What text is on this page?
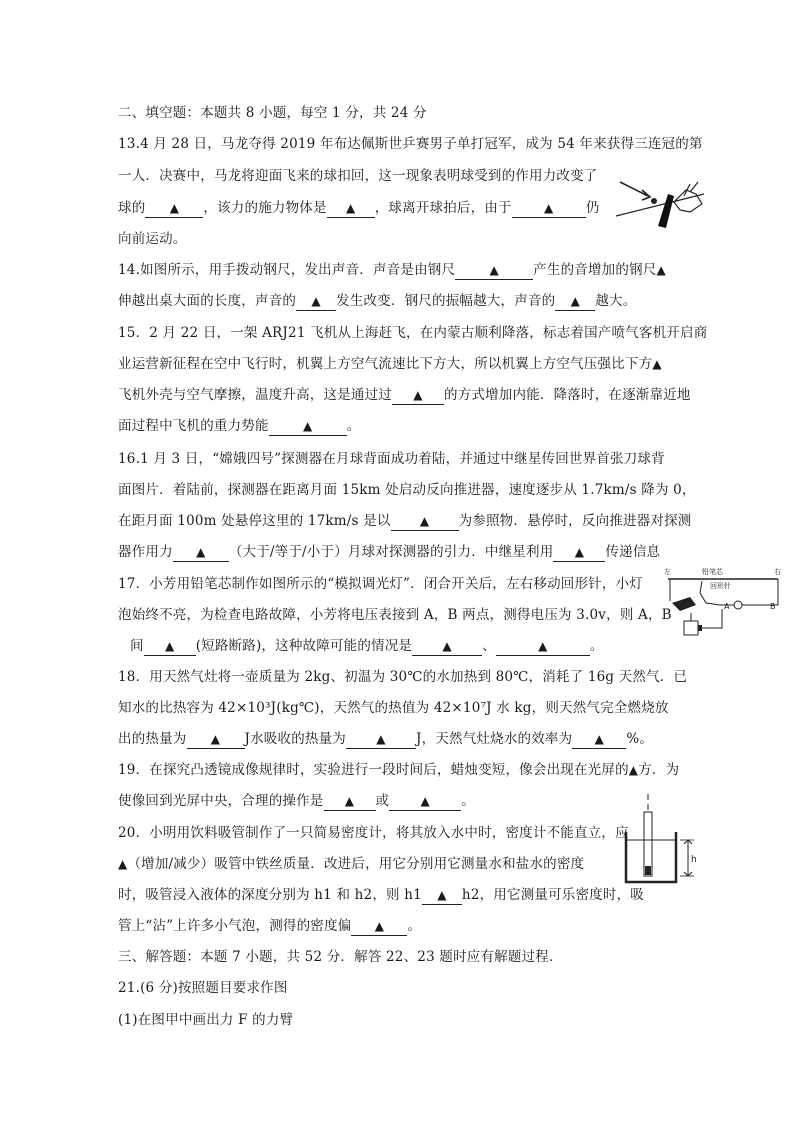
二、填空题：本题共 8 小题，每空 1 分，共 24 分
13.4 月 28 日，马龙夺得 2019 年布达佩斯世乒赛男子单打冠军，成为 54 年来获得三连冠的第
一人．决赛中，马龙将迎面飞来的球扣回，这一现象表明球受到的作用力改变了
球的 ▲ ，该力的施力物体是 ▲ ，球离开球拍后，由于	▲ 仍
向前运动。
14.如图所示，用手拨动钢尺，发出声音．声音是由钢尺	▲	产生的音增加的钢尺▲
伸越出桌大面的长度，声音的 ▲ 发生改变．钢尺的振幅越大，声音的 ▲ 越大。
15．2 月 22 日，一架 ARJ21 飞机从上海赶飞，在内蒙古顺利降落，标志着国产喷气客机开启商
业运营新征程在空中飞行时，机翼上方空气流速比下方大，所以机翼上方空气压强比下方▲
飞机外壳与空气摩擦，温度升高，这是通过过 ▲ 的方式增加内能．降落时，在逐渐靠近地
面过程中飞机的重力势能	▲	。
16.1 月 3 日，“嫦娥四号”探测器在月球背面成功着陆，并通过中继星传回世界首张刀球背
面图片．着陆前，探测器在距离月面 15km 处启动反向推进器，速度逐步从 1.7km/s 降为 0，
在距月面 100m 处悬停这里的 17km/s 是以 ▲ 为参照物．悬停时，反向推进器对探测
器作用力 ▲ （大于/等于/小于）月球对探测器的引力．中继星利用 ▲ 传递信息
17．小芳用铅笔芯制作如图所示的“模拟调光灯”．闭合开关后，左右移动回形针，小灯
泡始终不亮，为检查电路故障，小芳将电压表接到 A，B 两点，测得电压为 3.0v，则 A，B
间 ▲ (短路断路)，这种故障可能的情况是	▲ 、	▲	。
左	铅笔芯	右
回形针
A	B
18．用天然气灶将一壶质量为 2kg、初温为 30℃的水加热到 80℃，消耗了 16g 天然气．已
知水的比热容为 42×10³J(kg℃)，天然气的热值为 42×10⁷J 水 kg，则天然气完全燃烧放
出的热量为 ▲ J水吸收的热量为	▲ J，天然气灶烧水的效率为 ▲ %。
19．在探究凸透镜成像规律时，实验进行一段时间后，蜡烛变短，像会出现在光屏的▲方．为
使像回到光屏中央，合理的操作是 ▲ 或	▲ 。
20．小明用饮料吸管制作了一只简易密度计，将其放入水中时，密度计不能直立，应
▲（增加/减少）吸管中铁丝质量．改进后，用它分别用它测量水和盐水的密度
时，吸管浸入液体的深度分别为 h1 和 h2，则 h1 ▲ h2，用它测量可乐密度时，吸
管上“沾”上许多小气泡，测得的密度偏 ▲ 。
h
三、解答题：本题 7 小题，共 52 分．解答 22、23 题时应有解题过程．
21.(6 分)按照题目要求作图
(1)在图甲中画出力 F 的力臂
